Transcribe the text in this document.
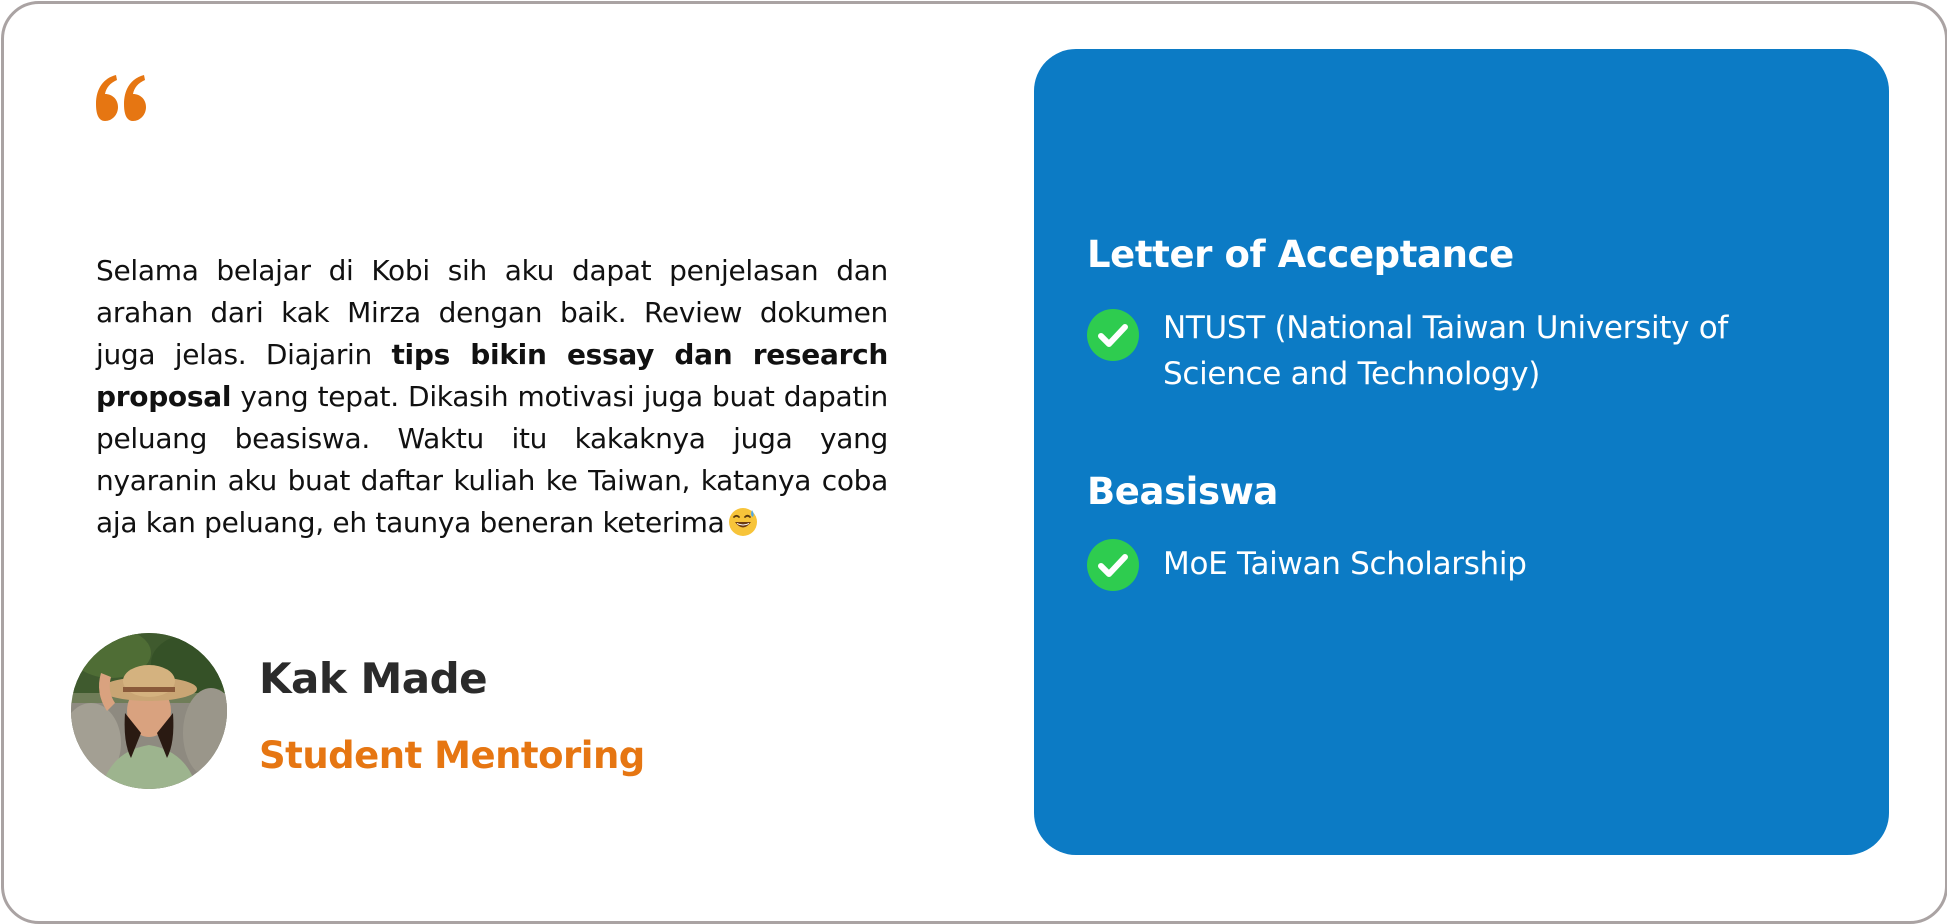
Selama belajar di Kobi sih aku dapat penjelasan dan arahan dari kak Mirza dengan baik. Review dokumen juga jelas. Diajarin tips bikin essay dan research proposal yang tepat. Dikasih motivasi juga buat dapatin peluang beasiswa. Waktu itu kakaknya juga yang nyaranin aku buat daftar kuliah ke Taiwan, katanya coba aja kan peluang, eh taunya beneran keterima
Kak Made
Student Mentoring
Letter of Acceptance
NTUST (National Taiwan University of Science and Technology)
Beasiswa
MoE Taiwan Scholarship
